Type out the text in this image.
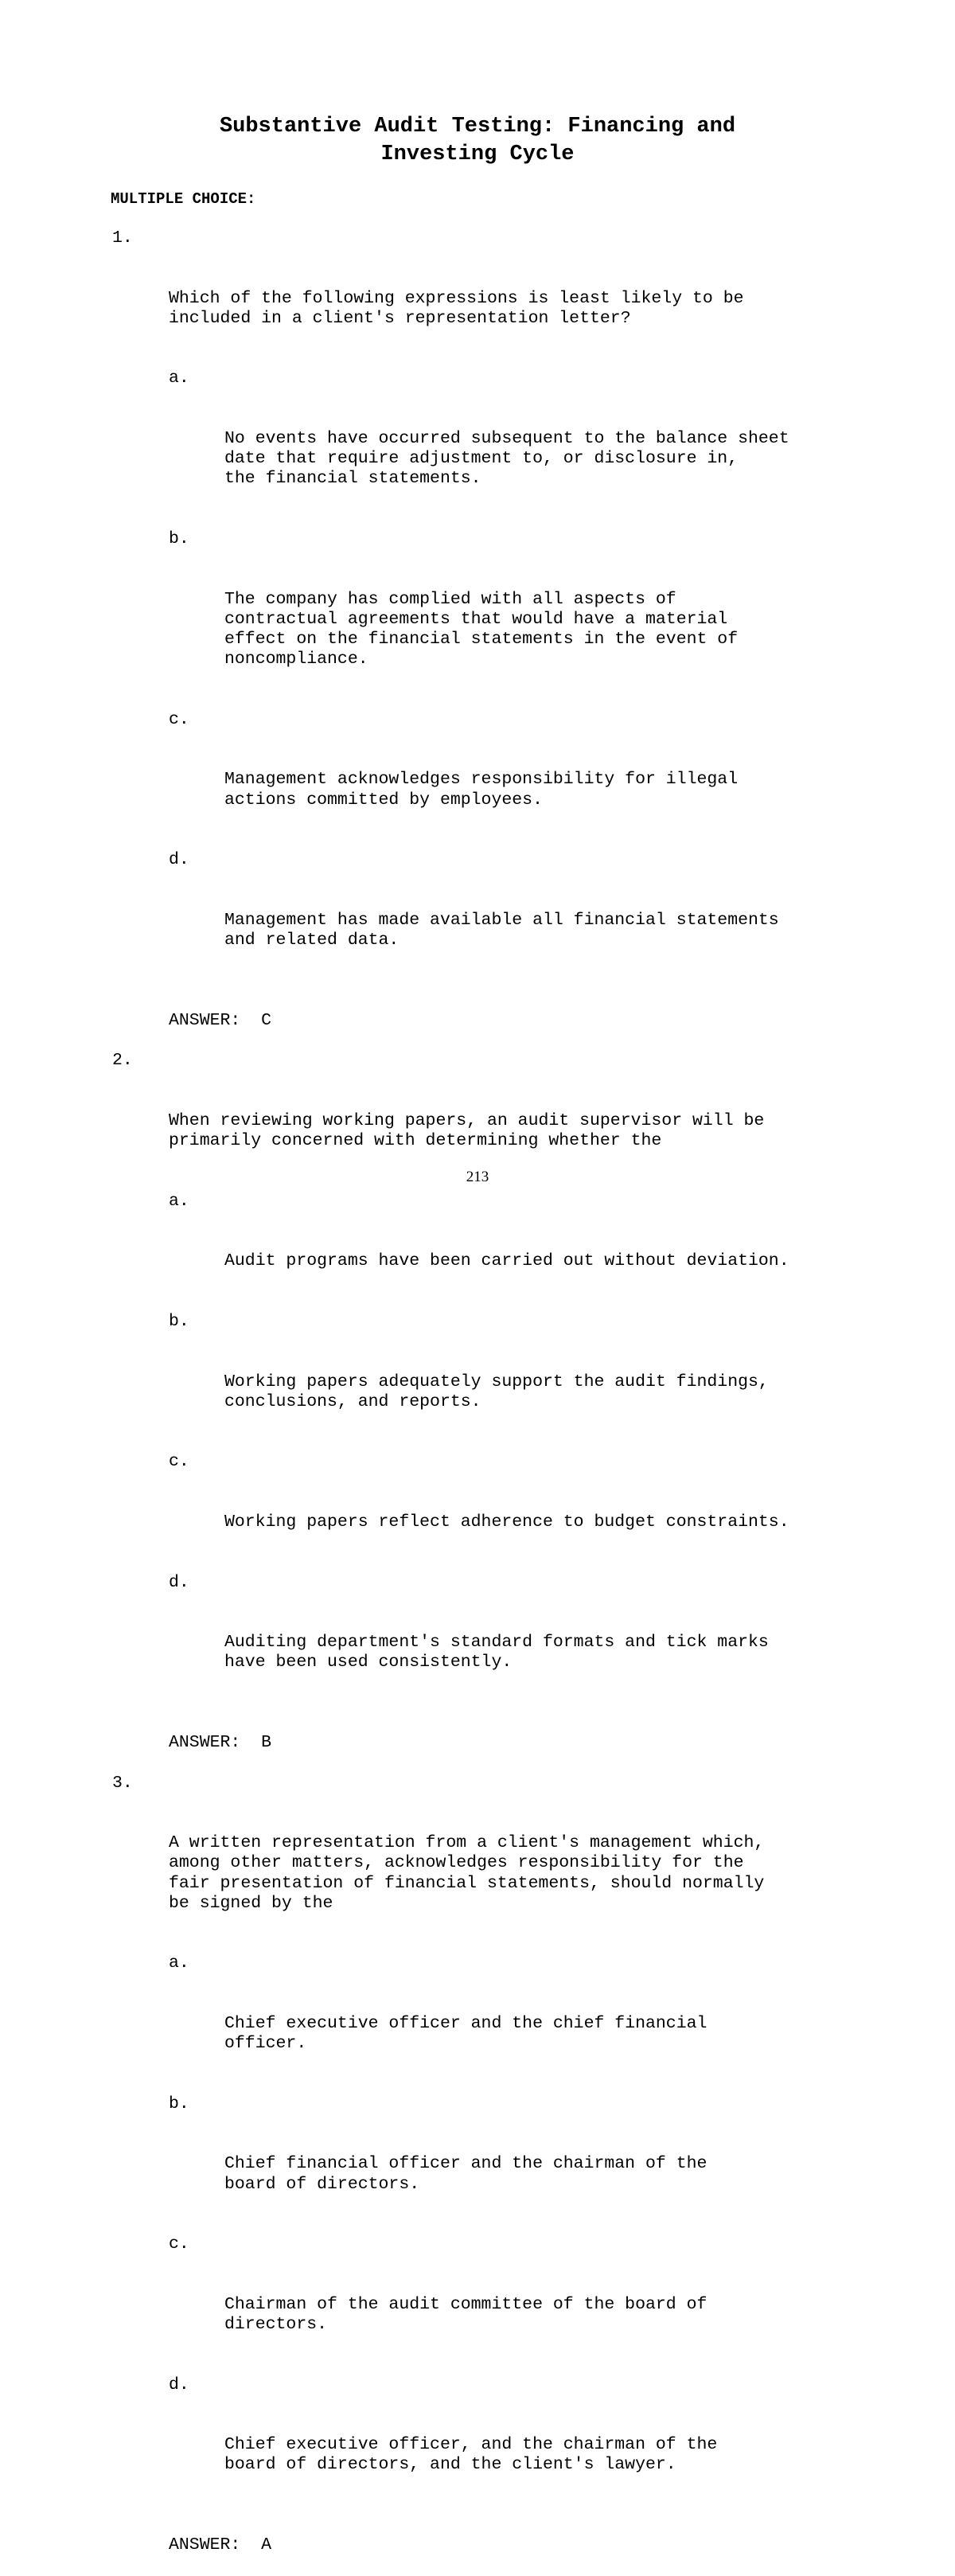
Substantive Audit Testing: Financing and
Investing Cycle
MULTIPLE CHOICE:

1.

Which of the following expressions is least likely to be
included in a client's representation letter?

a.

No events have occurred subsequent to the balance sheet
date that require adjustment to, or disclosure in,
the financial statements.

b.

The company has complied with all aspects of
contractual agreements that would have a material
effect on the financial statements in the event of
noncompliance.

c.

Management acknowledges responsibility for illegal
actions committed by employees.

d.

Management has made available all financial statements
and related data.

ANSWER:  C

2.

When reviewing working papers, an audit supervisor will be
primarily concerned with determining whether the

a.

Audit programs have been carried out without deviation.

b.

Working papers adequately support the audit findings,
conclusions, and reports.

c.

Working papers reflect adherence to budget constraints.

d.

Auditing department's standard formats and tick marks
have been used consistently.

ANSWER:  B

3.

A written representation from a client's management which,
among other matters, acknowledges responsibility for the
fair presentation of financial statements, should normally
be signed by the

a.

Chief executive officer and the chief financial
officer.

b.

Chief financial officer and the chairman of the
board of directors.

c.

Chairman of the audit committee of the board of
directors.

d.

Chief executive officer, and the chairman of the
board of directors, and the client's lawyer.

ANSWER:  A
213
